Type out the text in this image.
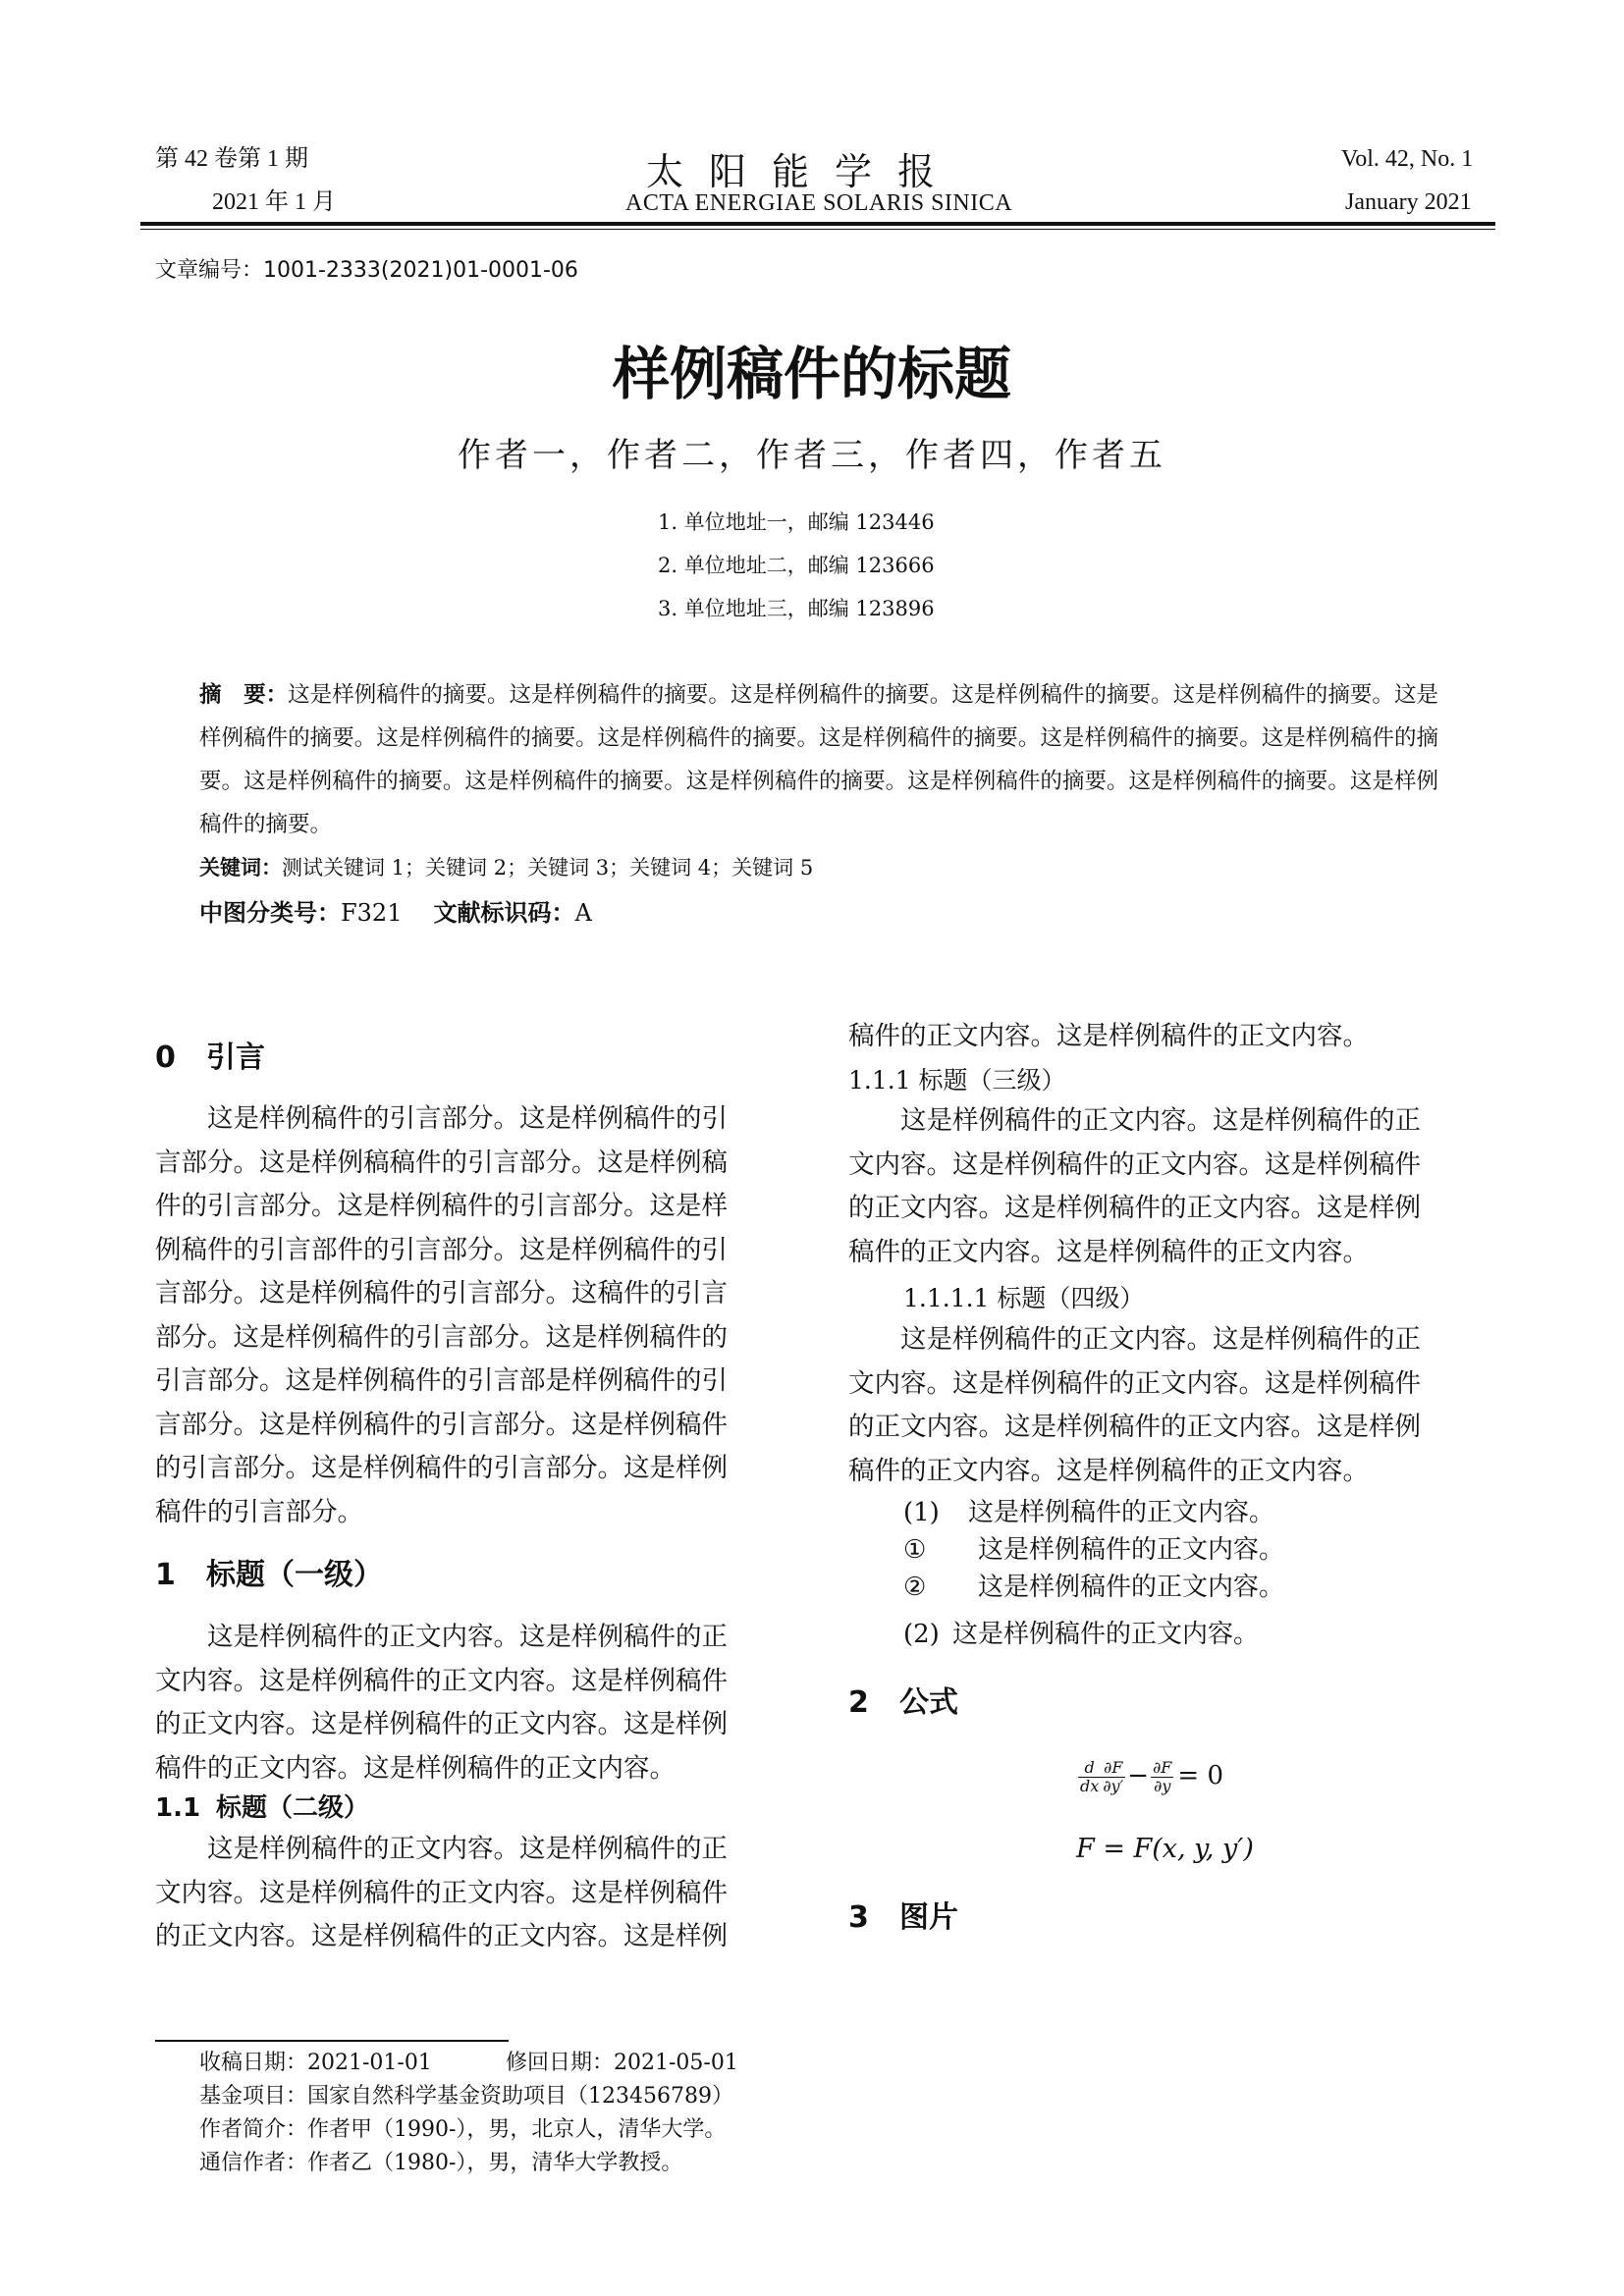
第 42 卷第 1 期
2021 年 1 月
太阳能学报
ACTA ENERGIAE SOLARIS SINICA
Vol. 42, No. 1
January 2021
文章编号：1001-2333(2021)01-0001-06
样例稿件的标题
作者一，作者二，作者三，作者四，作者五
1. 单位地址一，邮编 123446
2. 单位地址二，邮编 123666
3. 单位地址三，邮编 123896
摘　要：这是样例稿件的摘要。这是样例稿件的摘要。这是样例稿件的摘要。这是样例稿件的摘要。这是样例稿件的摘要。这是样例稿件的摘要。这是样例稿件的摘要。这是样例稿件的摘要。这是样例稿件的摘要。这是样例稿件的摘要。这是样例稿件的摘要。这是样例稿件的摘要。这是样例稿件的摘要。这是样例稿件的摘要。这是样例稿件的摘要。这是样例稿件的摘要。这是样例稿件的摘要。
关键词：测试关键词 1；关键词 2；关键词 3；关键词 4；关键词 5
中图分类号：F321 文献标识码：A
0 引言
这是样例稿件的引言部分。这是样例稿件的引
言部分。这是样例稿稿件的引言部分。这是样例稿
件的引言部分。这是样例稿件的引言部分。这是样
例稿件的引言部件的引言部分。这是样例稿件的引
言部分。这是样例稿件的引言部分。这稿件的引言
部分。这是样例稿件的引言部分。这是样例稿件的
引言部分。这是样例稿件的引言部是样例稿件的引
言部分。这是样例稿件的引言部分。这是样例稿件
的引言部分。这是样例稿件的引言部分。这是样例
稿件的引言部分。
1 标题（一级）
这是样例稿件的正文内容。这是样例稿件的正
文内容。这是样例稿件的正文内容。这是样例稿件
的正文内容。这是样例稿件的正文内容。这是样例
稿件的正文内容。这是样例稿件的正文内容。
1.1 标题（二级）
这是样例稿件的正文内容。这是样例稿件的正
文内容。这是样例稿件的正文内容。这是样例稿件
的正文内容。这是样例稿件的正文内容。这是样例
稿件的正文内容。这是样例稿件的正文内容。
1.1.1 标题（三级）
这是样例稿件的正文内容。这是样例稿件的正
文内容。这是样例稿件的正文内容。这是样例稿件
的正文内容。这是样例稿件的正文内容。这是样例
稿件的正文内容。这是样例稿件的正文内容。
1.1.1.1 标题（四级）
这是样例稿件的正文内容。这是样例稿件的正
文内容。这是样例稿件的正文内容。这是样例稿件
的正文内容。这是样例稿件的正文内容。这是样例
稿件的正文内容。这是样例稿件的正文内容。
(1) 这是样例稿件的正文内容。
① 这是样例稿件的正文内容。
② 这是样例稿件的正文内容。
(2) 这是样例稿件的正文内容。
2 公式
$\frac{d}{dx} \frac{\partial F}{\partial y'} - \frac{\partial F}{\partial y} = 0$
F = F(x, y, y′)
3 图片
收稿日期：2021-01-01	修回日期：2021-05-01
基金项目：国家自然科学基金资助项目（123456789）
作者简介：作者甲（1990-），男，北京人，清华大学。
通信作者：作者乙（1980-），男，清华大学教授。
